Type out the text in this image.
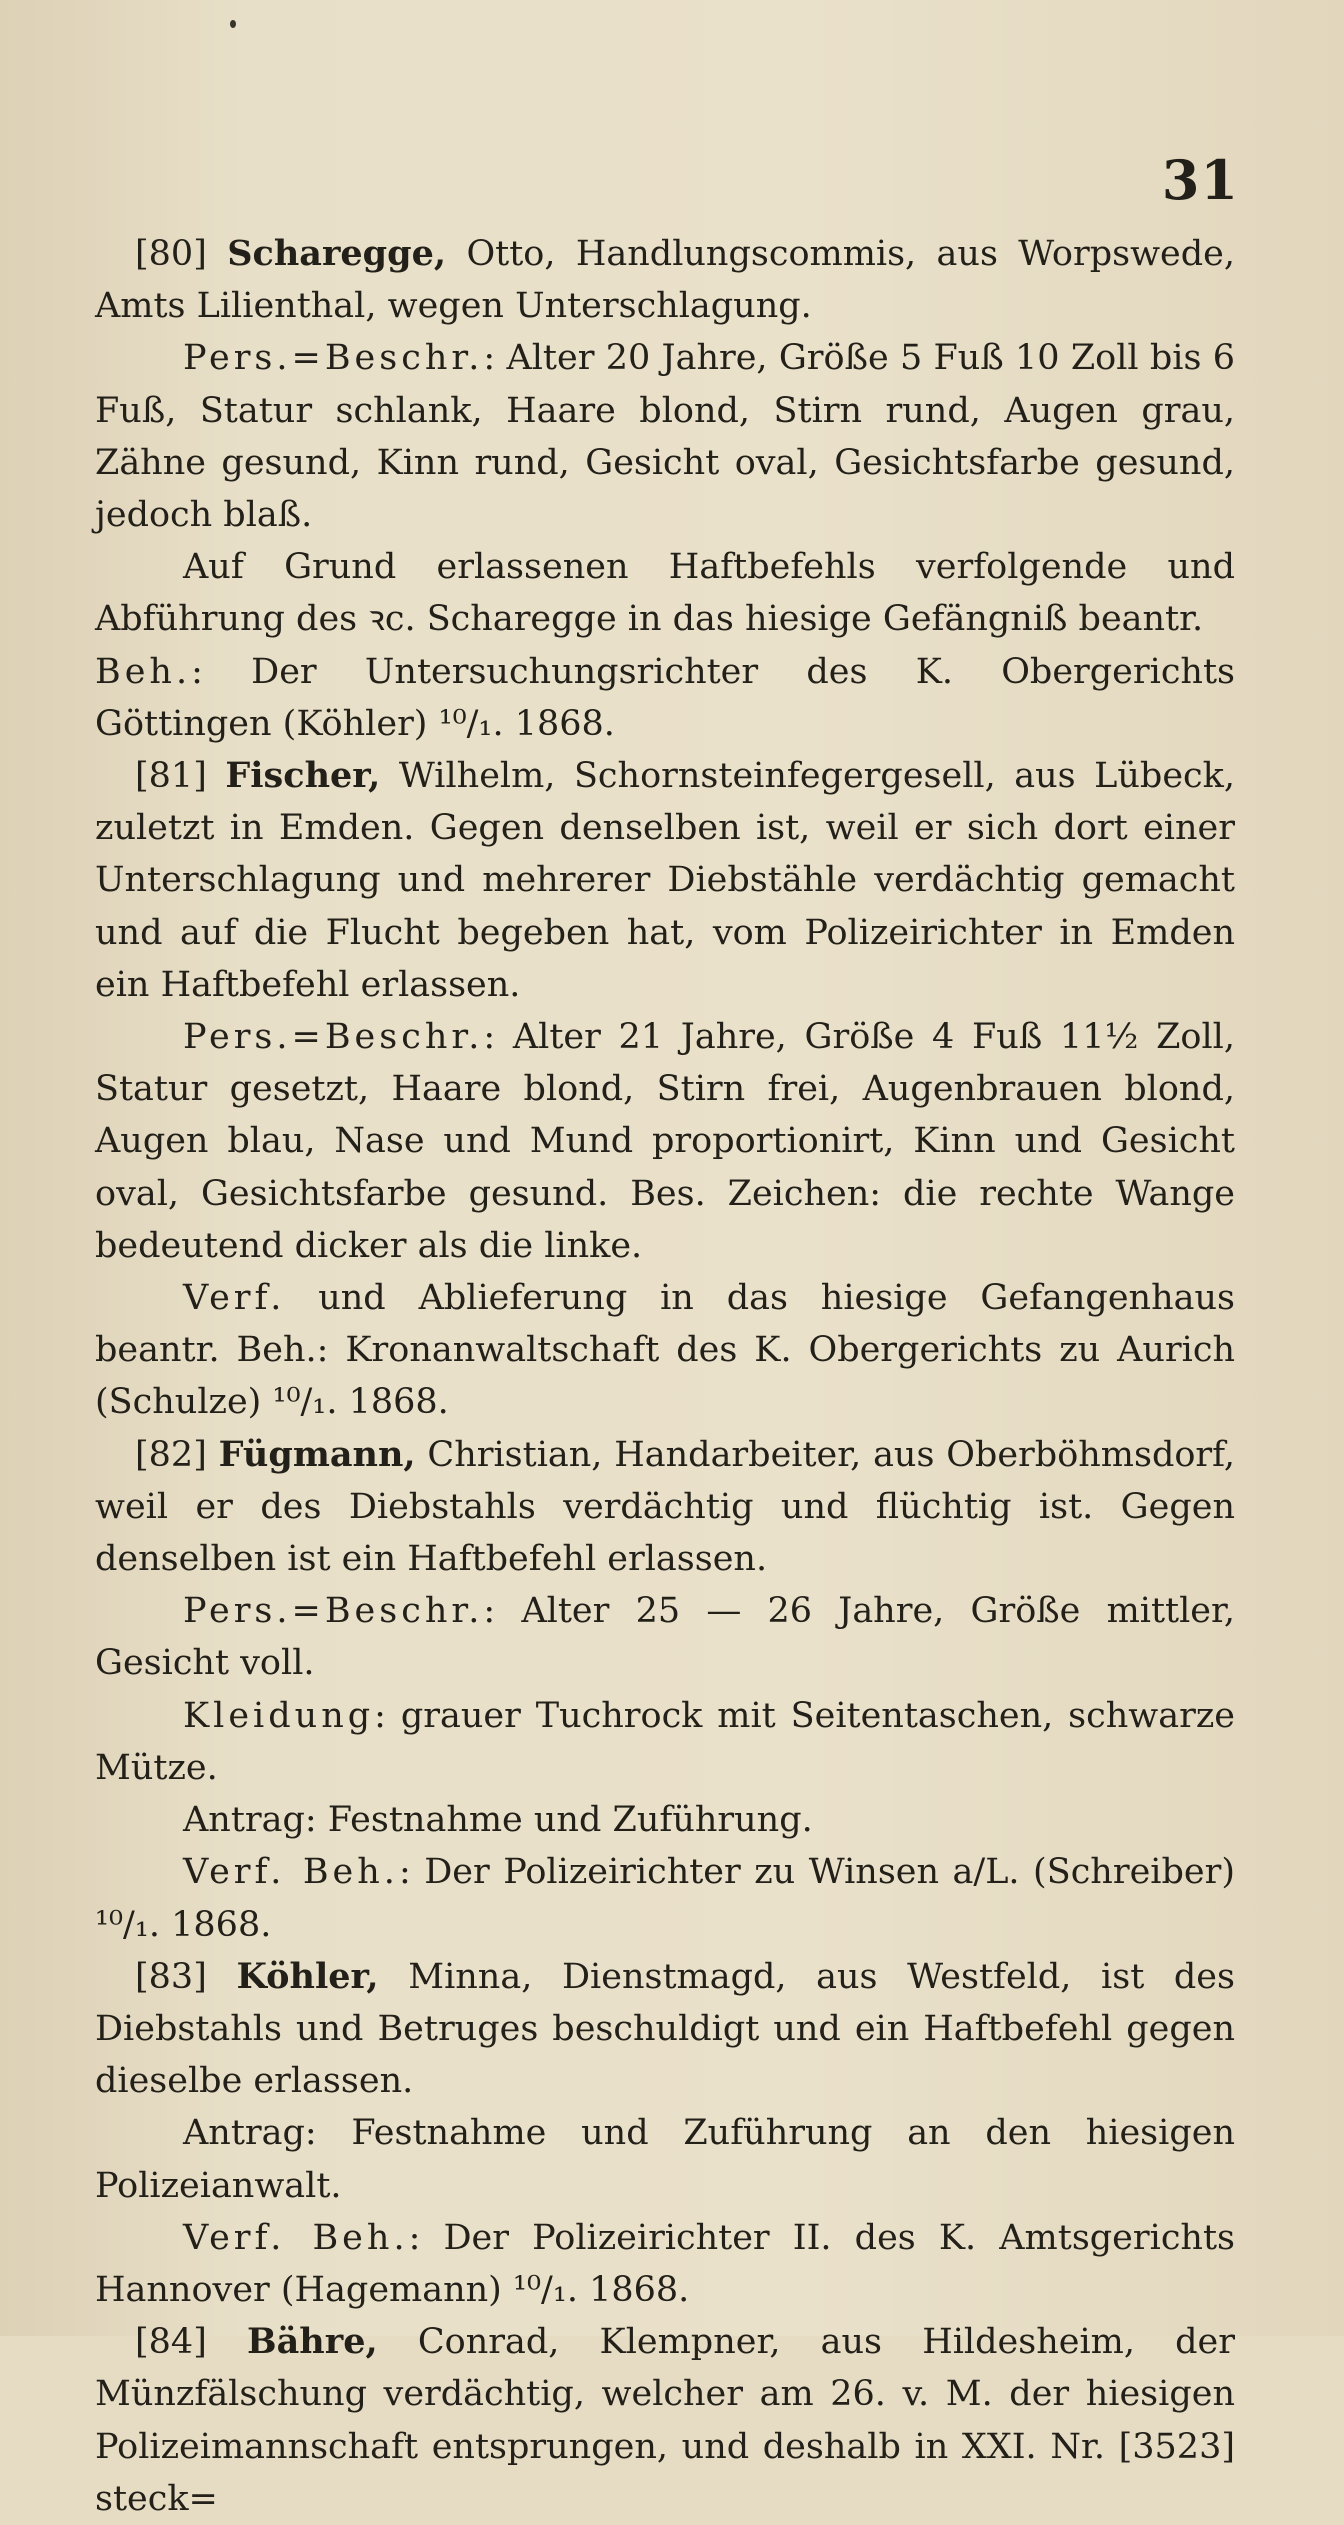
31

[80] Scharegge, Otto, Handlungscommis, aus Worpswede, Amts Lilienthal, wegen Unterschlagung.

Pers.=Beschr.: Alter 20 Jahre, Größe 5 Fuß 10 Zoll bis 6 Fuß, Statur schlank, Haare blond, Stirn rund, Augen grau, Zähne gesund, Kinn rund, Gesicht oval, Gesichtsfarbe gesund, jedoch blaß.

Auf Grund erlassenen Haftbefehls verfolgende und Abführung des ꝛc. Scharegge in das hiesige Gefängniß beantr.

Beh.: Der Untersuchungsrichter des K. Obergerichts Göttingen (Köhler) ¹⁰/₁. 1868.

[81] Fischer, Wilhelm, Schornsteinfegergesell, aus Lübeck, zuletzt in Emden. Gegen denselben ist, weil er sich dort einer Unterschlagung und mehrerer Diebstähle verdächtig gemacht und auf die Flucht begeben hat, vom Polizeirichter in Emden ein Haftbefehl erlassen.

Pers.=Beschr.: Alter 21 Jahre, Größe 4 Fuß 11½ Zoll, Statur gesetzt, Haare blond, Stirn frei, Augenbrauen blond, Augen blau, Nase und Mund proportionirt, Kinn und Gesicht oval, Gesichtsfarbe gesund. Bes. Zeichen: die rechte Wange bedeutend dicker als die linke.

Verf. und Ablieferung in das hiesige Gefangenhaus beantr. Beh.: Kronanwaltschaft des K. Obergerichts zu Aurich (Schulze) ¹⁰/₁. 1868.

[82] Fügmann, Christian, Handarbeiter, aus Oberböhmsdorf, weil er des Diebstahls verdächtig und flüchtig ist. Gegen denselben ist ein Haftbefehl erlassen.

Pers.=Beschr.: Alter 25 — 26 Jahre, Größe mittler, Gesicht voll.

Kleidung: grauer Tuchrock mit Seitentaschen, schwarze Mütze.

Antrag: Festnahme und Zuführung.

Verf. Beh.: Der Polizeirichter zu Winsen a/L. (Schreiber) ¹⁰/₁. 1868.

[83] Köhler, Minna, Dienstmagd, aus Westfeld, ist des Diebstahls und Betruges beschuldigt und ein Haftbefehl gegen dieselbe erlassen.

Antrag: Festnahme und Zuführung an den hiesigen Polizeianwalt.

Verf. Beh.: Der Polizeirichter II. des K. Amtsgerichts Hannover (Hagemann) ¹⁰/₁. 1868.

[84] Bähre, Conrad, Klempner, aus Hildesheim, der Münzfälschung verdächtig, welcher am 26. v. M. der hiesigen Polizeimannschaft entsprungen, und deshalb in XXI. Nr. [3523] steck=
